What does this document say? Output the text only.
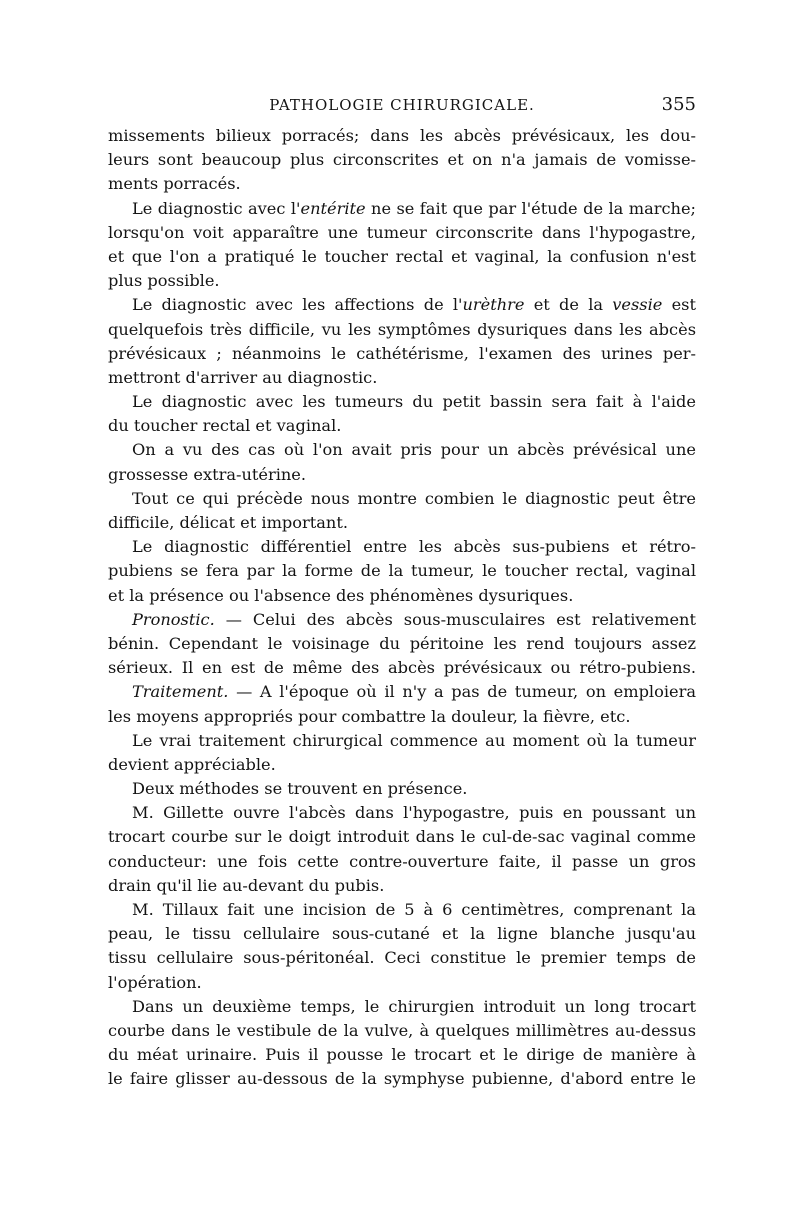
PATHOLOGIE CHIRURGICALE.	355
missements bilieux porracés; dans les abcès prévésicaux, les dou-
leurs sont beaucoup plus circonscrites et on n'a jamais de vomisse-
ments porracés.
Le diagnostic avec l'entérite ne se fait que par l'étude de la marche;
lorsqu'on voit apparaître une tumeur circonscrite dans l'hypogastre,
et que l'on a pratiqué le toucher rectal et vaginal, la confusion n'est
plus possible.
Le diagnostic avec les affections de l'urèthre et de la vessie est
quelquefois très difficile, vu les symptômes dysuriques dans les abcès
prévésicaux ; néanmoins le cathétérisme, l'examen des urines per-
mettront d'arriver au diagnostic.
Le diagnostic avec les tumeurs du petit bassin sera fait à l'aide
du toucher rectal et vaginal.
On a vu des cas où l'on avait pris pour un abcès prévésical une
grossesse extra-utérine.
Tout ce qui précède nous montre combien le diagnostic peut être
difficile, délicat et important.
Le diagnostic différentiel entre les abcès sus-pubiens et rétro-
pubiens se fera par la forme de la tumeur, le toucher rectal, vaginal
et la présence ou l'absence des phénomènes dysuriques.
Pronostic. — Celui des abcès sous-musculaires est relativement
bénin. Cependant le voisinage du péritoine les rend toujours assez
sérieux. Il en est de même des abcès prévésicaux ou rétro-pubiens.
Traitement. — A l'époque où il n'y a pas de tumeur, on emploiera
les moyens appropriés pour combattre la douleur, la fièvre, etc.
Le vrai traitement chirurgical commence au moment où la tumeur
devient appréciable.
Deux méthodes se trouvent en présence.
M. Gillette ouvre l'abcès dans l'hypogastre, puis en poussant un
trocart courbe sur le doigt introduit dans le cul-de-sac vaginal comme
conducteur: une fois cette contre-ouverture faite, il passe un gros
drain qu'il lie au-devant du pubis.
M. Tillaux fait une incision de 5 à 6 centimètres, comprenant la
peau, le tissu cellulaire sous-cutané et la ligne blanche jusqu'au
tissu cellulaire sous-péritonéal. Ceci constitue le premier temps de
l'opération.
Dans un deuxième temps, le chirurgien introduit un long trocart
courbe dans le vestibule de la vulve, à quelques millimètres au-dessus
du méat urinaire. Puis il pousse le trocart et le dirige de manière à
le faire glisser au-dessous de la symphyse pubienne, d'abord entre le
